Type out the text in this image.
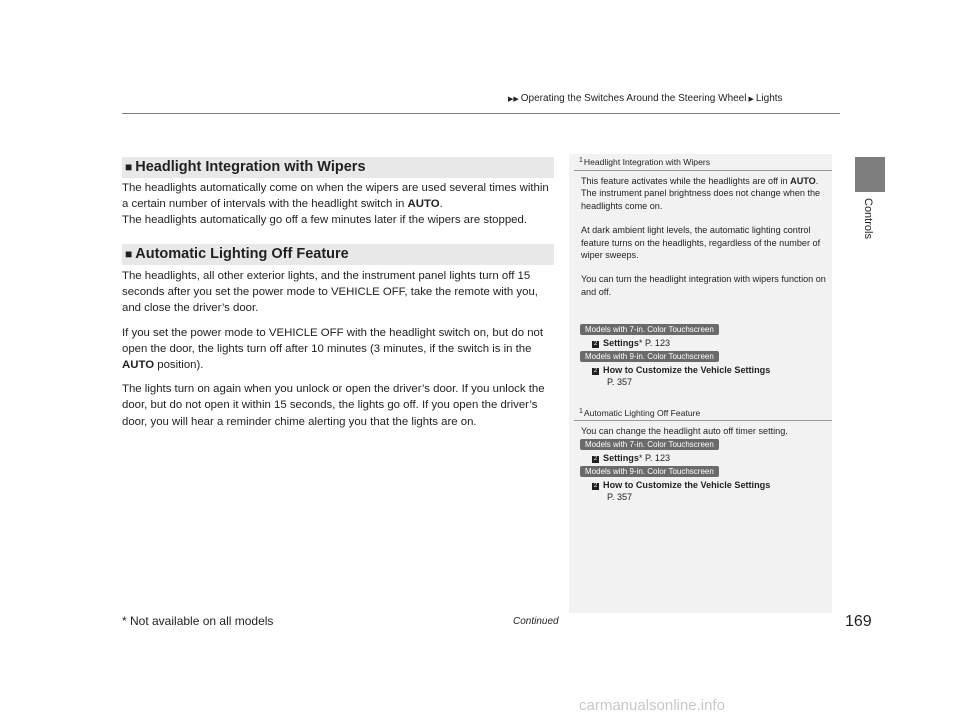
▶▶ Operating the Switches Around the Steering Wheel ▶ Lights
Controls
■ Headlight Integration with Wipers

The headlights automatically come on when the wipers are used several times within a certain number of intervals with the headlight switch in AUTO.

The headlights automatically go off a few minutes later if the wipers are stopped.

■ Automatic Lighting Off Feature

The headlights, all other exterior lights, and the instrument panel lights turn off 15 seconds after you set the power mode to VEHICLE OFF, take the remote with you, and close the driver’s door.

If you set the power mode to VEHICLE OFF with the headlight switch on, but do not open the door, the lights turn off after 10 minutes (3 minutes, if the switch is in the AUTO position).

The lights turn on again when you unlock or open the driver’s door. If you unlock the door, but do not open it within 15 seconds, the lights go off. If you open the driver’s door, you will hear a reminder chime alerting you that the lights are on.

$^1$Headlight Integration with Wipers

This feature activates while the headlights are off in AUTO.

The instrument panel brightness does not change when the headlights come on.

At dark ambient light levels, the automatic lighting control feature turns on the headlights, regardless of the number of wiper sweeps.

You can turn the headlight integration with wipers function on and off.

Models with 7-in. Color Touchscreen
2 Settings* P. 123
Models with 9-in. Color Touchscreen
2 How to Customize the Vehicle Settings
P. 357
$^1$Automatic Lighting Off Feature

You can change the headlight auto off timer setting.

Models with 7-in. Color Touchscreen
2 Settings* P. 123
Models with 9-in. Color Touchscreen
2 How to Customize the Vehicle Settings
P. 357
Continued	169
* Not available on all models
carmanualsonline.info
